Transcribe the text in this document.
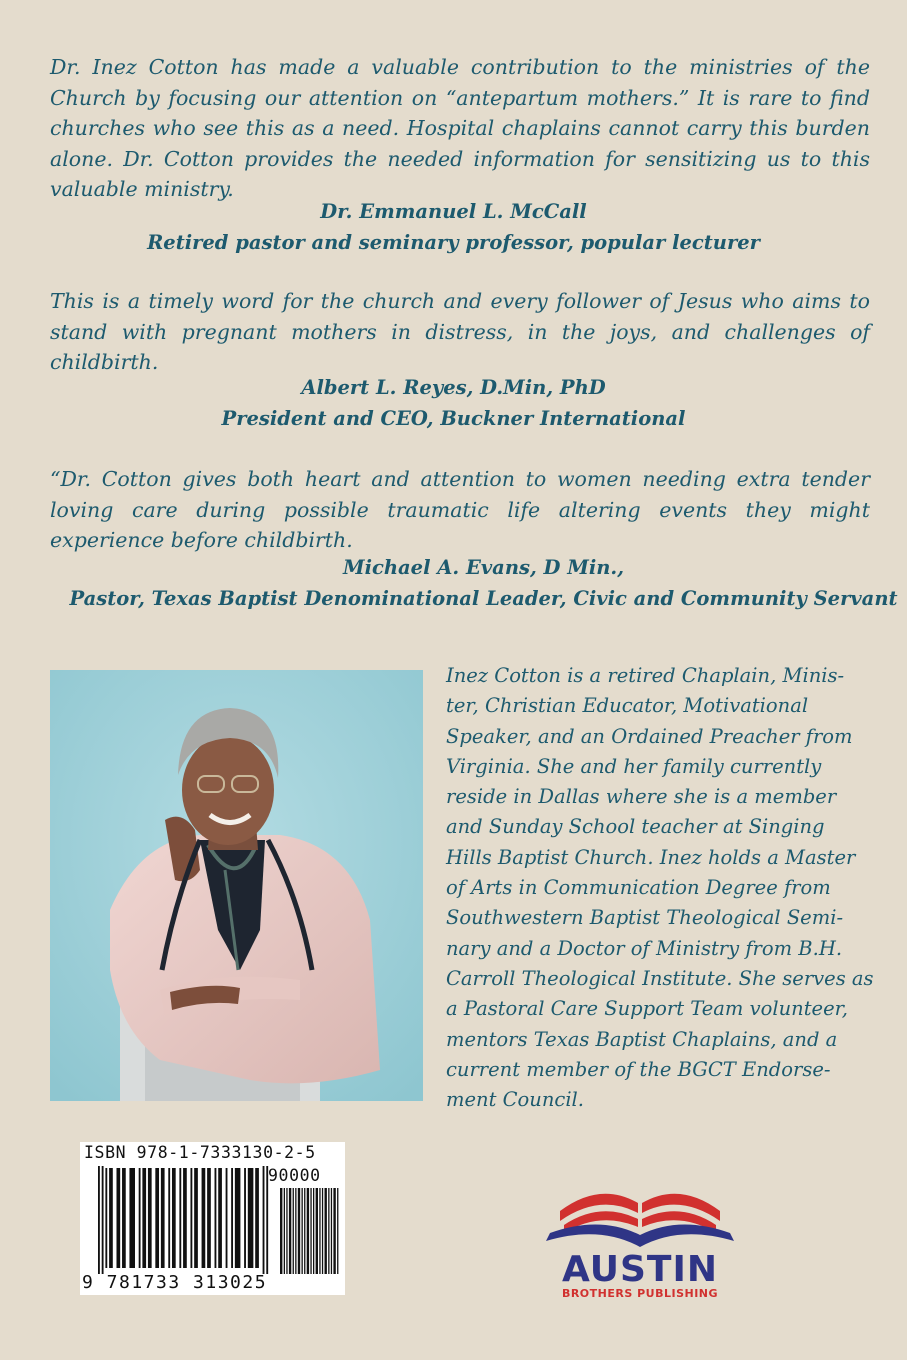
Dr. Inez Cotton has made a valuable contribution to the ministries of the Church by focusing our attention on “antepartum mothers.” It is rare to find churches who see this as a need. Hospital chaplains cannot carry this burden alone. Dr. Cotton provides the needed information for sensitizing us to this valuable ministry.

Dr. Emmanuel L. McCall
Retired pastor and seminary professor, popular lecturer

This is a timely word for the church and every follower of Jesus who aims to stand with pregnant mothers in distress, in the joys, and challenges of childbirth.

Albert L. Reyes, D.Min, PhD
President and CEO, Buckner International

“Dr. Cotton gives both heart and attention to women needing extra tender loving care during possible traumatic life altering events they might experience before childbirth.

Michael A. Evans, D Min.,
Pastor, Texas Baptist Denominational Leader, Civic and Community Servant

Inez Cotton is a retired Chaplain, Minis-
ter, Christian Educator, Motivational
Speaker, and an Ordained Preacher from
Virginia. She and her family currently
reside in Dallas where she is a member
and Sunday School teacher at Singing
Hills Baptist Church. Inez holds a Master
of Arts in Communication Degree from
Southwestern Baptist Theological Semi-
nary and a Doctor of Ministry from B.H.
Carroll Theological Institute. She serves as
a Pastoral Care Support Team volunteer,
mentors Texas Baptist Chaplains, and a
current member of the BGCT Endorse-
ment Council.

ISBN 978-1-7333130-2-5
90000
9 781733 313025	AUSTIN
BROTHERS PUBLISHING
